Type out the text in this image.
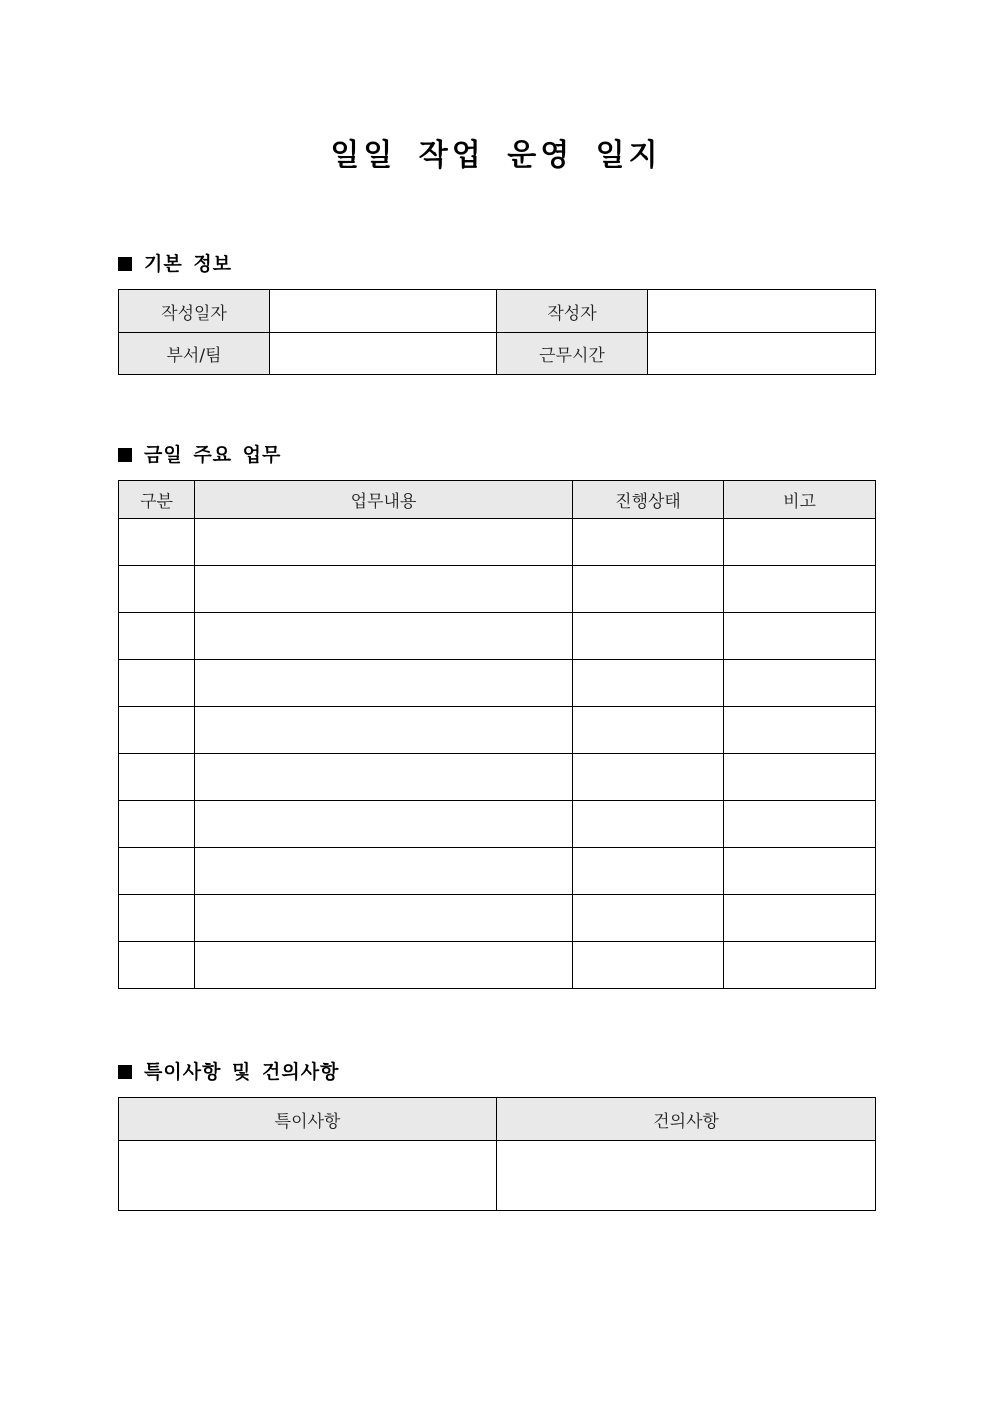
일일 작업 운영 일지
기본 정보
작성일자		작성자	
부서/팀		근무시간	
금일 주요 업무
구분	업무내용	진행상태	비고

특이사항 및 건의사항
특이사항	건의사항
